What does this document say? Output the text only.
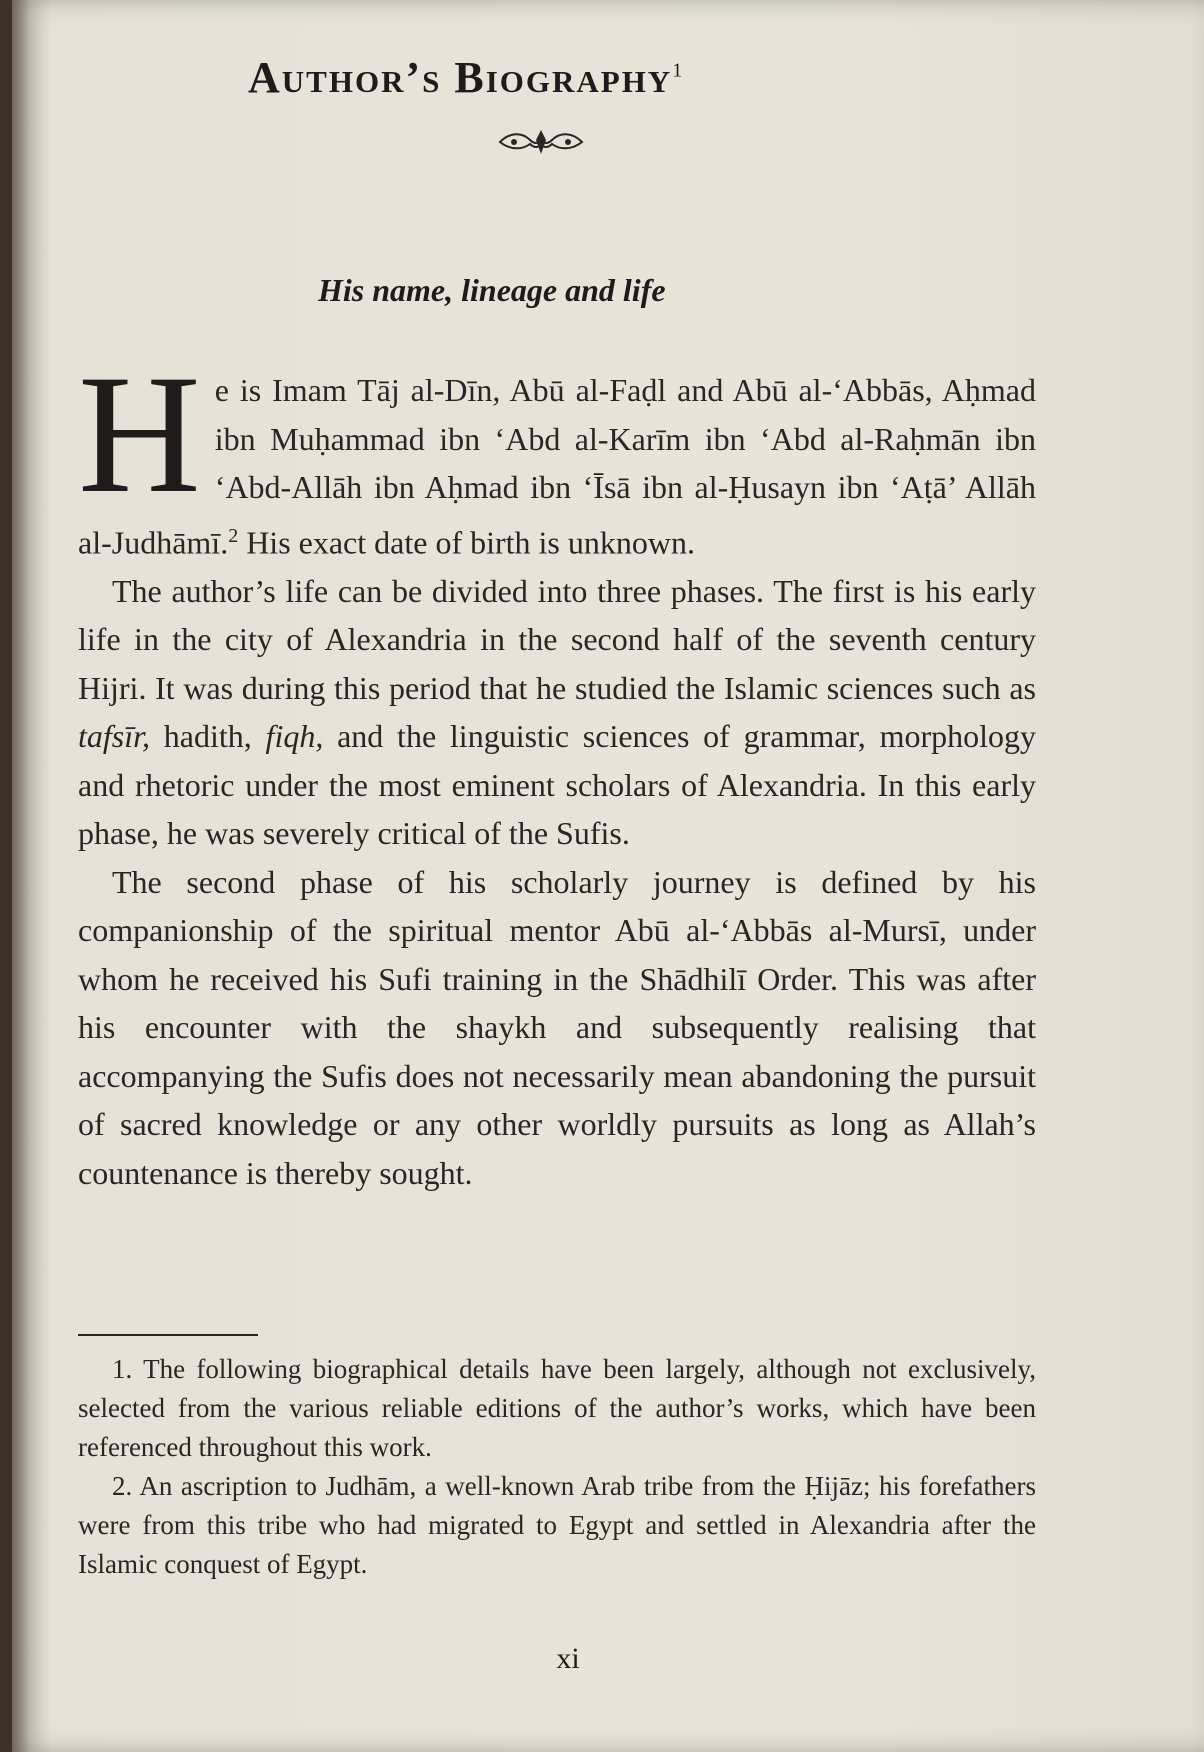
Author’s Biography$^1$
His name, lineage and life

He is Imam Tāj al-Dīn, Abū al-Faḍl and Abū al-‘Abbās, Aḥmad ibn Muḥammad ibn ‘Abd al-Karīm ibn ‘Abd al-Raḥmān ibn ‘Abd-Allāh ibn Aḥmad ibn ‘Īsā ibn al-Ḥusayn ibn ‘Aṭā’ Allāh al-Judhāmī.$^2$ His exact date of birth is unknown.

The author’s life can be divided into three phases. The first is his early life in the city of Alexandria in the second half of the seventh century Hijri. It was during this period that he studied the Islamic sciences such as tafsīr, hadith, fiqh, and the linguistic sciences of grammar, morphology and rhetoric under the most eminent scholars of Alexandria. In this early phase, he was severely critical of the Sufis.

The second phase of his scholarly journey is defined by his companionship of the spiritual mentor Abū al-‘Abbās al-Mursī, under whom he received his Sufi training in the Shādhilī Order. This was after his encounter with the shaykh and subsequently realising that accompanying the Sufis does not necessarily mean abandoning the pursuit of sacred knowledge or any other worldly pursuits as long as Allah’s countenance is thereby sought.

1. The following biographical details have been largely, although not exclusively, selected from the various reliable editions of the author’s works, which have been referenced throughout this work.

2. An ascription to Judhām, a well-known Arab tribe from the Ḥijāz; his forefathers were from this tribe who had migrated to Egypt and settled in Alexandria after the Islamic conquest of Egypt.

xi
